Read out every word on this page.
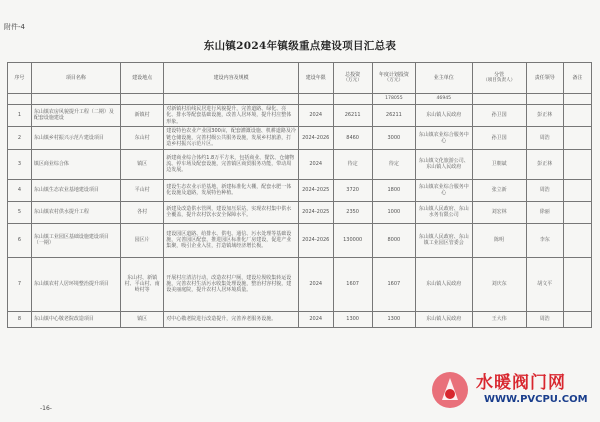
附件-4
东山镇2024年镇级重点建设项目汇总表
序号	项目名称	建设地点	建设内容及规模	建设年限	总投资
（万元）	年度计划投资
（万元）	业主单位	分管
（项目负责人）	责任领导	备注
						178055	46945			
1	东山镇农房风貌提升工程（二期）及配套设施建设	新镇村	对新镇村沿线民居进行风貌提升，完善道路、绿化、亮化、排水等配套基础设施，改善人居环境，提升村庄整体形象。	2024	26211	26211	东山镇人民政府	孙卫国	彭正林	
2	东山镇乡村振兴示范片建设项目	东山村	建设特色农业产业园300亩，配套灌溉设施、机耕道路及冷链仓储设施，完善村级公共服务设施，发展乡村旅游，打造乡村振兴示范片区。	2024-2026	8460	3000	东山镇农业综合服务中心	孙卫国	周浩	
3	镇区商业综合体	镇区	新建商业综合体约1.8万平方米，包括商业、餐饮、仓储物流、停车场及配套设施，完善镇区商贸服务功能，带动周边发展。	2024	待定	待定	东山镇文化旅游公司、东山镇人民政府	卫朝斌	彭正林	
4	东山镇生态农业基地建设项目	平山村	建设生态农业示范基地，新建标准化大棚，配套水肥一体化设施及道路，发展特色种植。	2024-2025	3720	1800	东山镇农业综合服务中心	张立新	周浩	
5	东山镇农村供水提升工程	各村	新建及改造供水管网，建设加压泵站，实现农村集中供水全覆盖，提升农村饮水安全保障水平。	2024-2025	2350	1000	东山镇人民政府、东山水务有限公司	刘宏林	徐丽	
6	东山镇工业园区基础设施建设项目（一期）	园区片	建设园区道路、给排水、供电、通信、污水处理等基础设施，完善园区配套，推进园区标准化厂房建设，促进产业集聚，吸引企业入驻，打造镇域经济增长极。	2024-2026	130000	8000	东山镇人民政府、东山镇工业园区管委会	陈明	李东	
7	东山镇农村人居环境整治提升项目	东山村、新镇村、平山村、南岭村等	开展村庄清洁行动，改造农村户厕，建设垃圾收集转运设施，完善农村生活污水收集处理设施，整治村容村貌，建设美丽庭院，提升农村人居环境质量。	2024	1607	1607	东山镇人民政府	刘庆东	胡文平	
8	东山镇中心敬老院改造项目	镇区	对中心敬老院进行改造提升，完善养老服务设施。	2024	1300	1300	东山镇人民政府	王大伟	周浩	
-16-
水暖阀门网
WWW.PVCPU.COM
